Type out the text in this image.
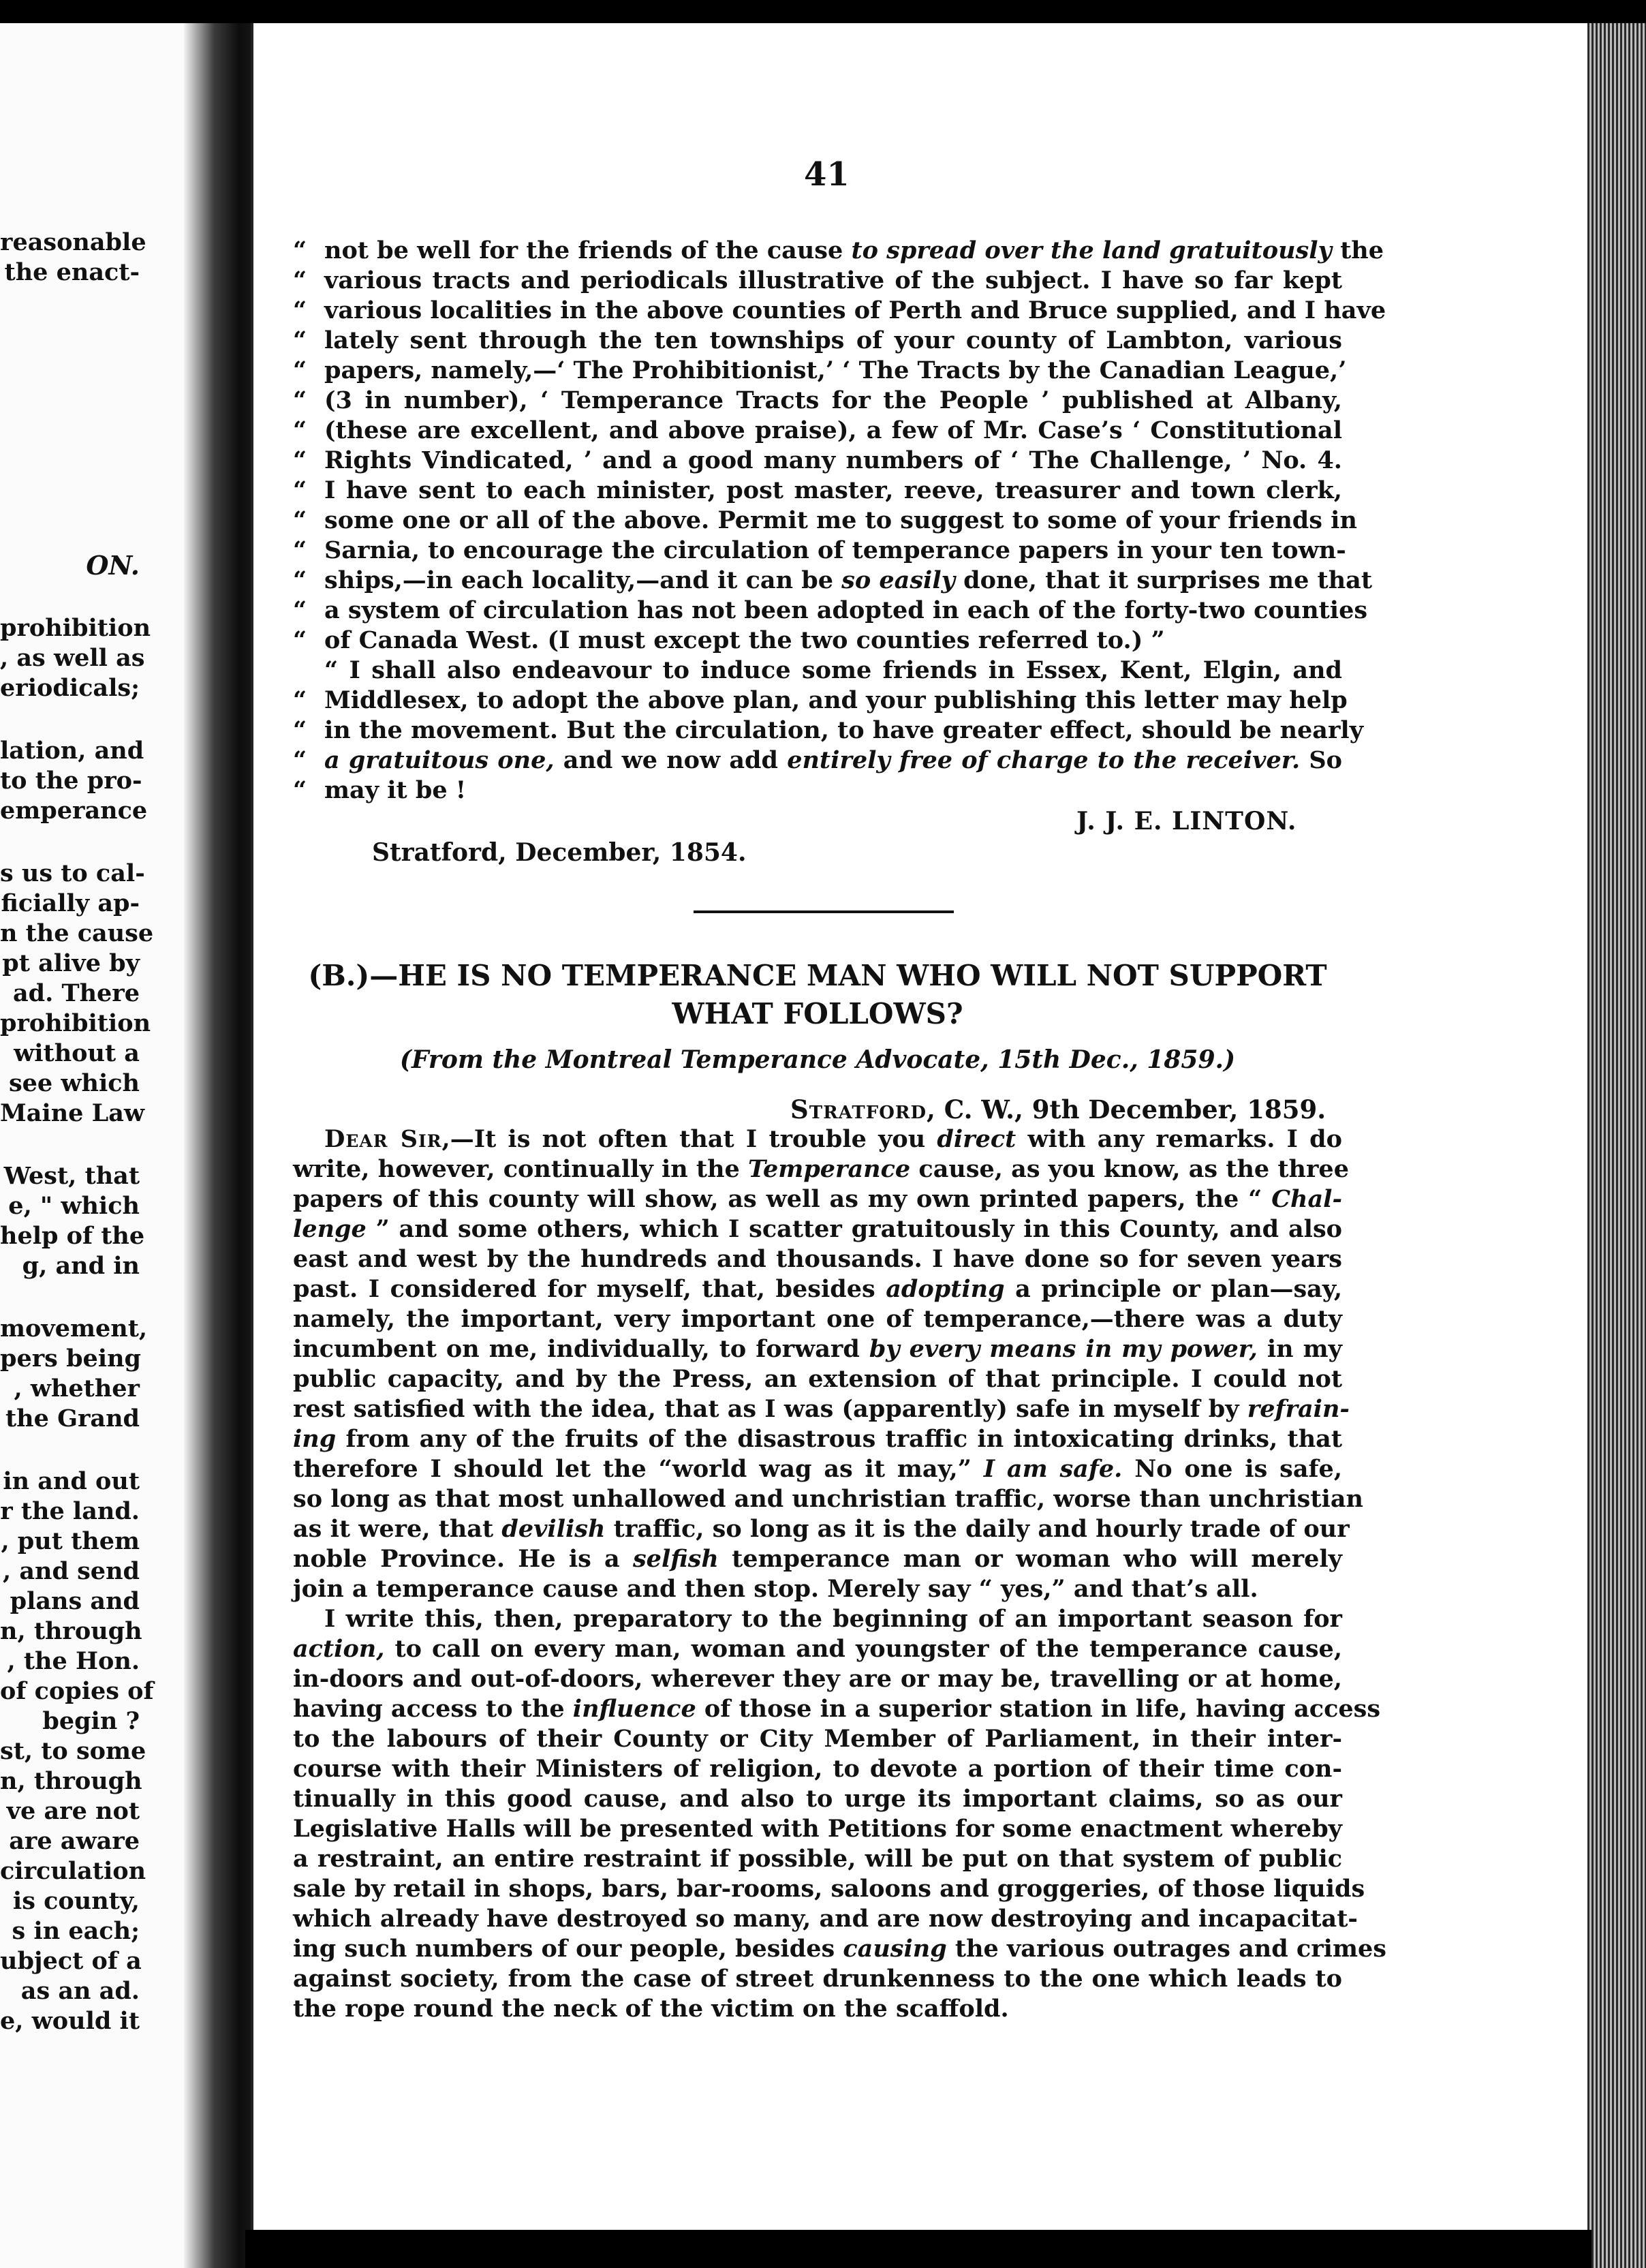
reasonable
the enact-
ON.
prohibition
, as well as
eriodicals;
lation, and
to the pro-
emperance
s us to cal-
ficially ap-
n the cause
pt alive by
ad. There
prohibition
without a
see which
Maine Law
West, that
e, " which
help of the
g, and in
movement,
pers being
, whether
the Grand
in and out
r the land.
, put them
, and send
plans and
n, through
, the Hon.
of copies of
begin ?
st, to some
n, through
ve are not
are aware
circulation
is county,
s in each;
ubject of a
as an ad.
e, would it
41
“ not be well for the friends of the cause to spread over the land gratuitously the
“ various tracts and periodicals illustrative of the subject. I have so far kept
“ various localities in the above counties of Perth and Bruce supplied, and I have
“ lately sent through the ten townships of your county of Lambton, various
“ papers, namely,—‘ The Prohibitionist,’ ‘ The Tracts by the Canadian League,’
“ (3 in number), ‘ Temperance Tracts for the People ’ published at Albany,
“ (these are excellent, and above praise), a few of Mr. Case’s ‘ Constitutional
“ Rights Vindicated, ’ and a good many numbers of ‘ The Challenge, ’ No. 4.
“ I have sent to each minister, post master, reeve, treasurer and town clerk,
“ some one or all of the above. Permit me to suggest to some of your friends in
“ Sarnia, to encourage the circulation of temperance papers in your ten town-
“ ships,—in each locality,—and it can be so easily done, that it surprises me that
“ a system of circulation has not been adopted in each of the forty-two counties
“ of Canada West. (I must except the two counties referred to.) ”
“ I shall also endeavour to induce some friends in Essex, Kent, Elgin, and
“ Middlesex, to adopt the above plan, and your publishing this letter may help
“ in the movement. But the circulation, to have greater effect, should be nearly
“ a gratuitous one, and we now add entirely free of charge to the receiver. So
“ may it be !
J. J. E. LINTON.
Stratford, December, 1854.
(B.)—HE IS NO TEMPERANCE MAN WHO WILL NOT SUPPORT
WHAT FOLLOWS?
(From the Montreal Temperance Advocate, 15th Dec., 1859.)
Stratford, C. W., 9th December, 1859.
Dear Sir,—It is not often that I trouble you direct with any remarks. I do
write, however, continually in the Temperance cause, as you know, as the three
papers of this county will show, as well as my own printed papers, the “ Chal-
lenge ” and some others, which I scatter gratuitously in this County, and also
east and west by the hundreds and thousands. I have done so for seven years
past. I considered for myself, that, besides adopting a principle or plan—say,
namely, the important, very important one of temperance,—there was a duty
incumbent on me, individually, to forward by every means in my power, in my
public capacity, and by the Press, an extension of that principle. I could not
rest satisfied with the idea, that as I was (apparently) safe in myself by refrain-
ing from any of the fruits of the disastrous traffic in intoxicating drinks, that
therefore I should let the “world wag as it may,” I am safe. No one is safe,
so long as that most unhallowed and unchristian traffic, worse than unchristian
as it were, that devilish traffic, so long as it is the daily and hourly trade of our
noble Province. He is a selfish temperance man or woman who will merely
join a temperance cause and then stop. Merely say “ yes,” and that’s all.
I write this, then, preparatory to the beginning of an important season for
action, to call on every man, woman and youngster of the temperance cause,
in-doors and out-of-doors, wherever they are or may be, travelling or at home,
having access to the influence of those in a superior station in life, having access
to the labours of their County or City Member of Parliament, in their inter-
course with their Ministers of religion, to devote a portion of their time con-
tinually in this good cause, and also to urge its important claims, so as our
Legislative Halls will be presented with Petitions for some enactment whereby
a restraint, an entire restraint if possible, will be put on that system of public
sale by retail in shops, bars, bar-rooms, saloons and groggeries, of those liquids
which already have destroyed so many, and are now destroying and incapacitat-
ing such numbers of our people, besides causing the various outrages and crimes
against society, from the case of street drunkenness to the one which leads to
the rope round the neck of the victim on the scaffold.
